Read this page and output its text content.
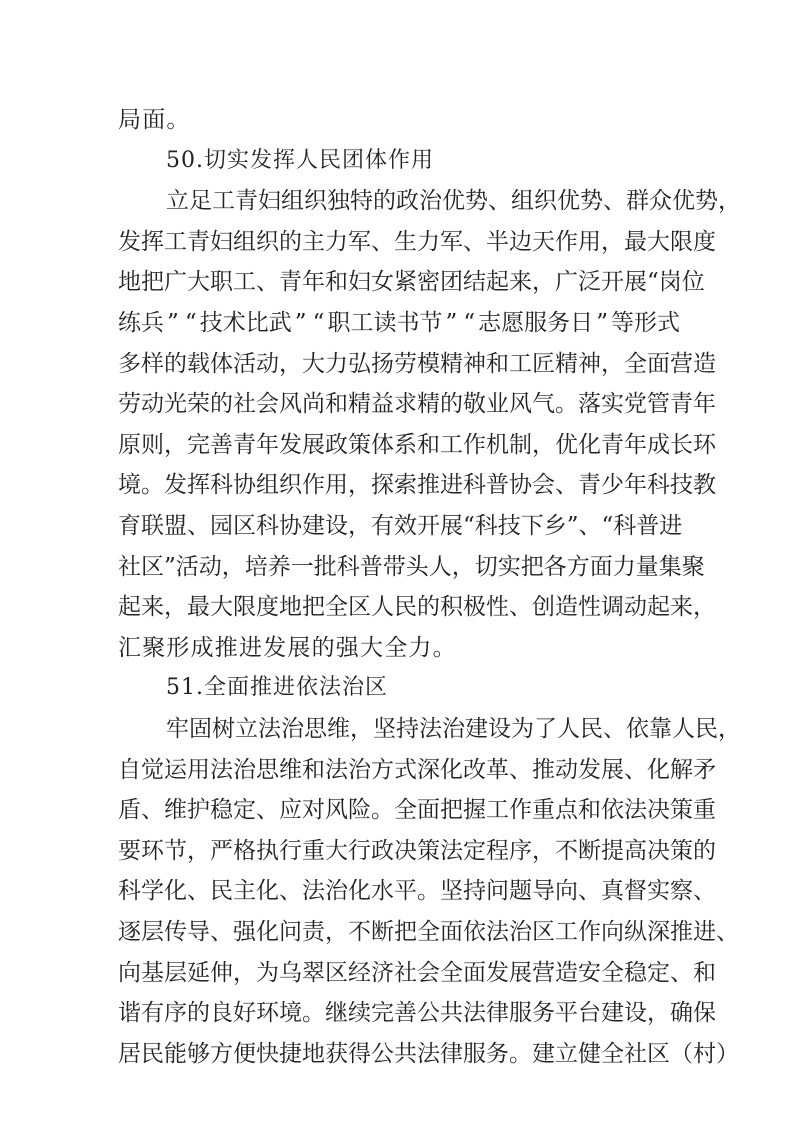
局面。
50.切实发挥人民团体作用
立 足 工 青 妇 组 织 独 特 的 政 治 优 势 、 组 织 优 势 、 群 众 优 势 ，
发 挥 工 青 妇 组 织 的 主 力 军 、 生 力 军 、 半 边 天 作 用 ， 最 大 限 度
地 把 广 大 职 工 、 青 年 和 妇 女 紧 密 团 结 起 来 ， 广 泛 开 展 “ 岗 位
练 兵 ” “ 技 术 比 武 ” “ 职 工 读 书 节 ” “ 志 愿 服 务 日 ” 等 形 式
多 样 的 载 体 活 动 ， 大 力 弘 扬 劳 模 精 神 和 工 匠 精 神 ， 全 面 营 造
劳 动 光 荣 的 社 会 风 尚 和 精 益 求 精 的 敬 业 风 气 。 落 实 党 管 青 年
原 则 ， 完 善 青 年 发 展 政 策 体 系 和 工 作 机 制 ， 优 化 青 年 成 长 环
境 。 发 挥 科 协 组 织 作 用 ， 探 索 推 进 科 普 协 会 、 青 少 年 科 技 教
育 联 盟 、 园 区 科 协 建 设 ， 有 效 开 展 “ 科 技 下 乡 ” 、 “ 科 普 进
社 区 ” 活 动 ， 培 养 一 批 科 普 带 头 人 ， 切 实 把 各 方 面 力 量 集 聚
起 来 ， 最 大 限 度 地 把 全 区 人 民 的 积 极 性 、 创 造 性 调 动 起 来 ，
汇聚形成推进发展的强大全力。
51.全面推进依法治区
牢 固 树 立 法 治 思 维 ， 坚 持 法 治 建 设 为 了 人 民 、 依 靠 人 民 ，
自 觉 运 用 法 治 思 维 和 法 治 方 式 深 化 改 革 、 推 动 发 展 、 化 解 矛
盾 、 维 护 稳 定 、 应 对 风 险 。 全 面 把 握 工 作 重 点 和 依 法 决 策 重
要 环 节 ， 严 格 执 行 重 大 行 政 决 策 法 定 程 序 ， 不 断 提 高 决 策 的
科 学 化 、 民 主 化 、 法 治 化 水 平 。 坚 持 问 题 导 向 、 真 督 实 察 、
逐 层 传 导 、 强 化 问 责 ， 不 断 把 全 面 依 法 治 区 工 作 向 纵 深 推 进 、
向 基 层 延 伸 ， 为 乌 翠 区 经 济 社 会 全 面 发 展 营 造 安 全 稳 定 、 和
谐 有 序 的 良 好 环 境 。 继 续 完 善 公 共 法 律 服 务 平 台 建 设 ， 确 保
居 民 能 够 方 便 快 捷 地 获 得 公 共 法 律 服 务 。 建 立 健 全 社 区 （ 村 ）
